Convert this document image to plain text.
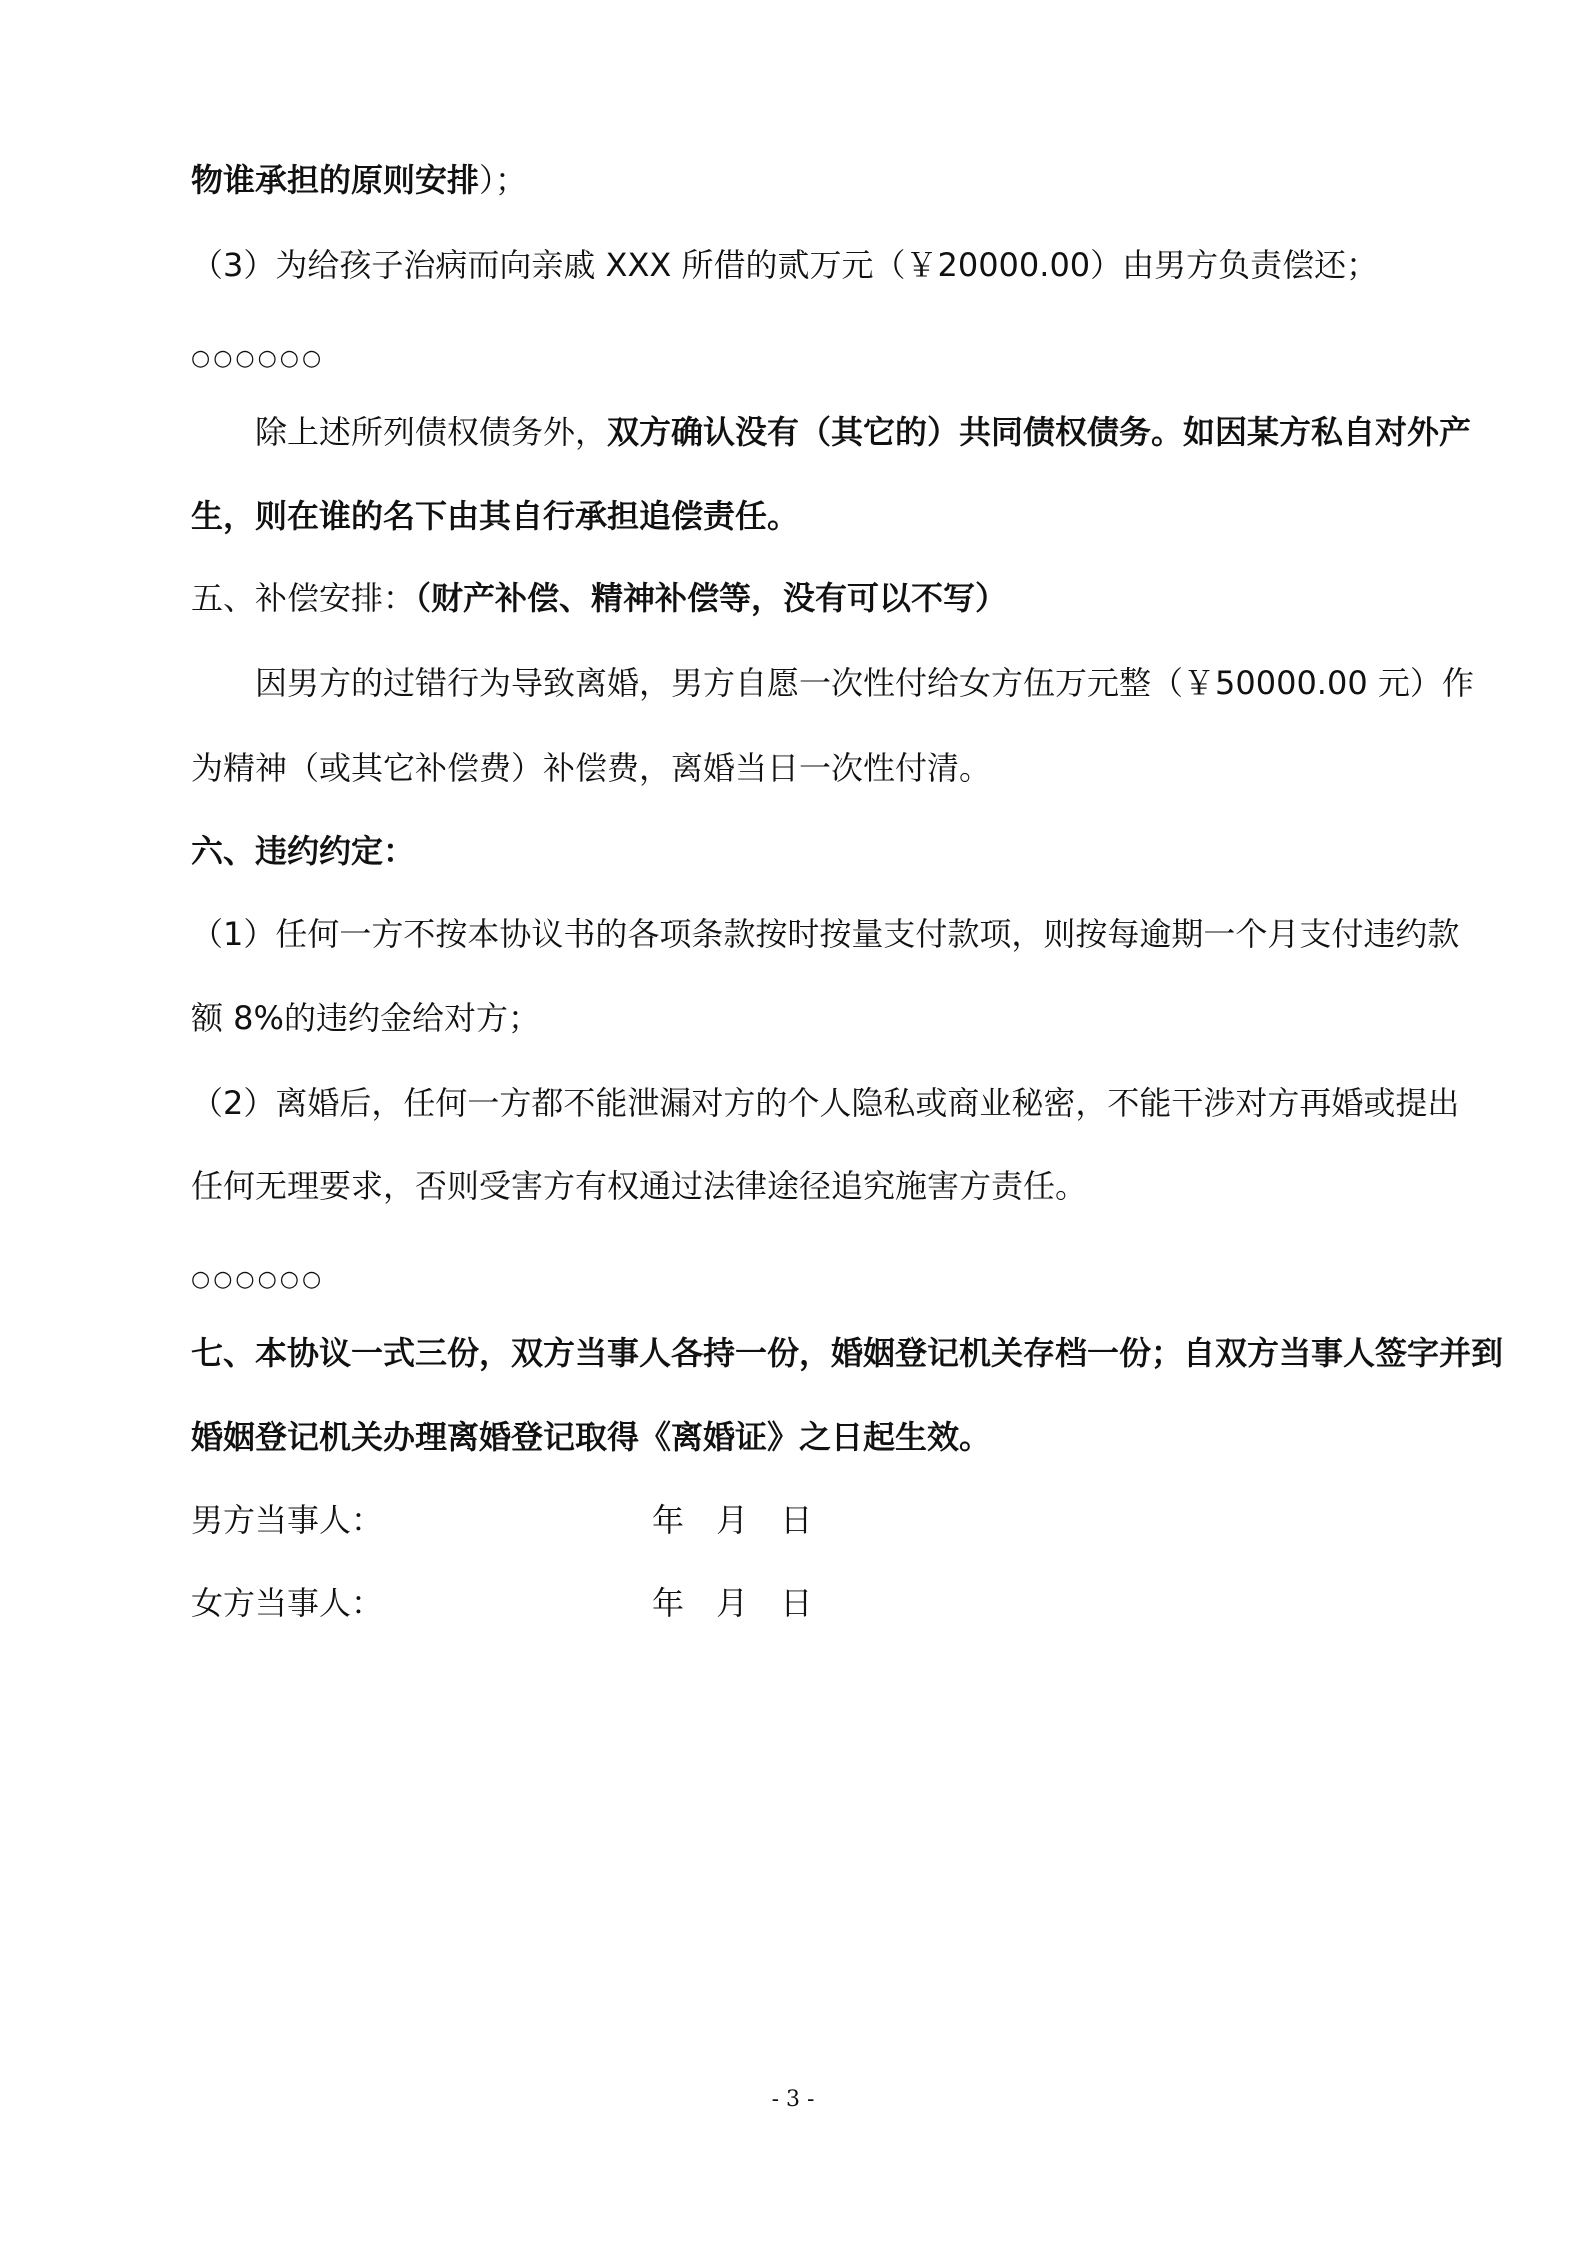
物谁承担的原则安排）；
（3）为给孩子治病而向亲戚 XXX 所借的贰万元（￥20000.00）由男方负责偿还；
○○○○○○
除上述所列债权债务外，双方确认没有（其它的）共同债权债务。如因某方私自对外产
生，则在谁的名下由其自行承担追偿责任。
五、补偿安排：（财产补偿、精神补偿等，没有可以不写）
因男方的过错行为导致离婚，男方自愿一次性付给女方伍万元整（￥50000.00 元）作
为精神（或其它补偿费）补偿费，离婚当日一次性付清。
六、违约约定：
（1）任何一方不按本协议书的各项条款按时按量支付款项，则按每逾期一个月支付违约款
额 8%的违约金给对方；
（2）离婚后，任何一方都不能泄漏对方的个人隐私或商业秘密，不能干涉对方再婚或提出
任何无理要求，否则受害方有权通过法律途径追究施害方责任。
○○○○○○
七、本协议一式三份，双方当事人各持一份，婚姻登记机关存档一份；自双方当事人签字并到
婚姻登记机关办理离婚登记取得《离婚证》之日起生效。
男方当事人：	年 月 日
女方当事人：	年 月 日
- 3 -
